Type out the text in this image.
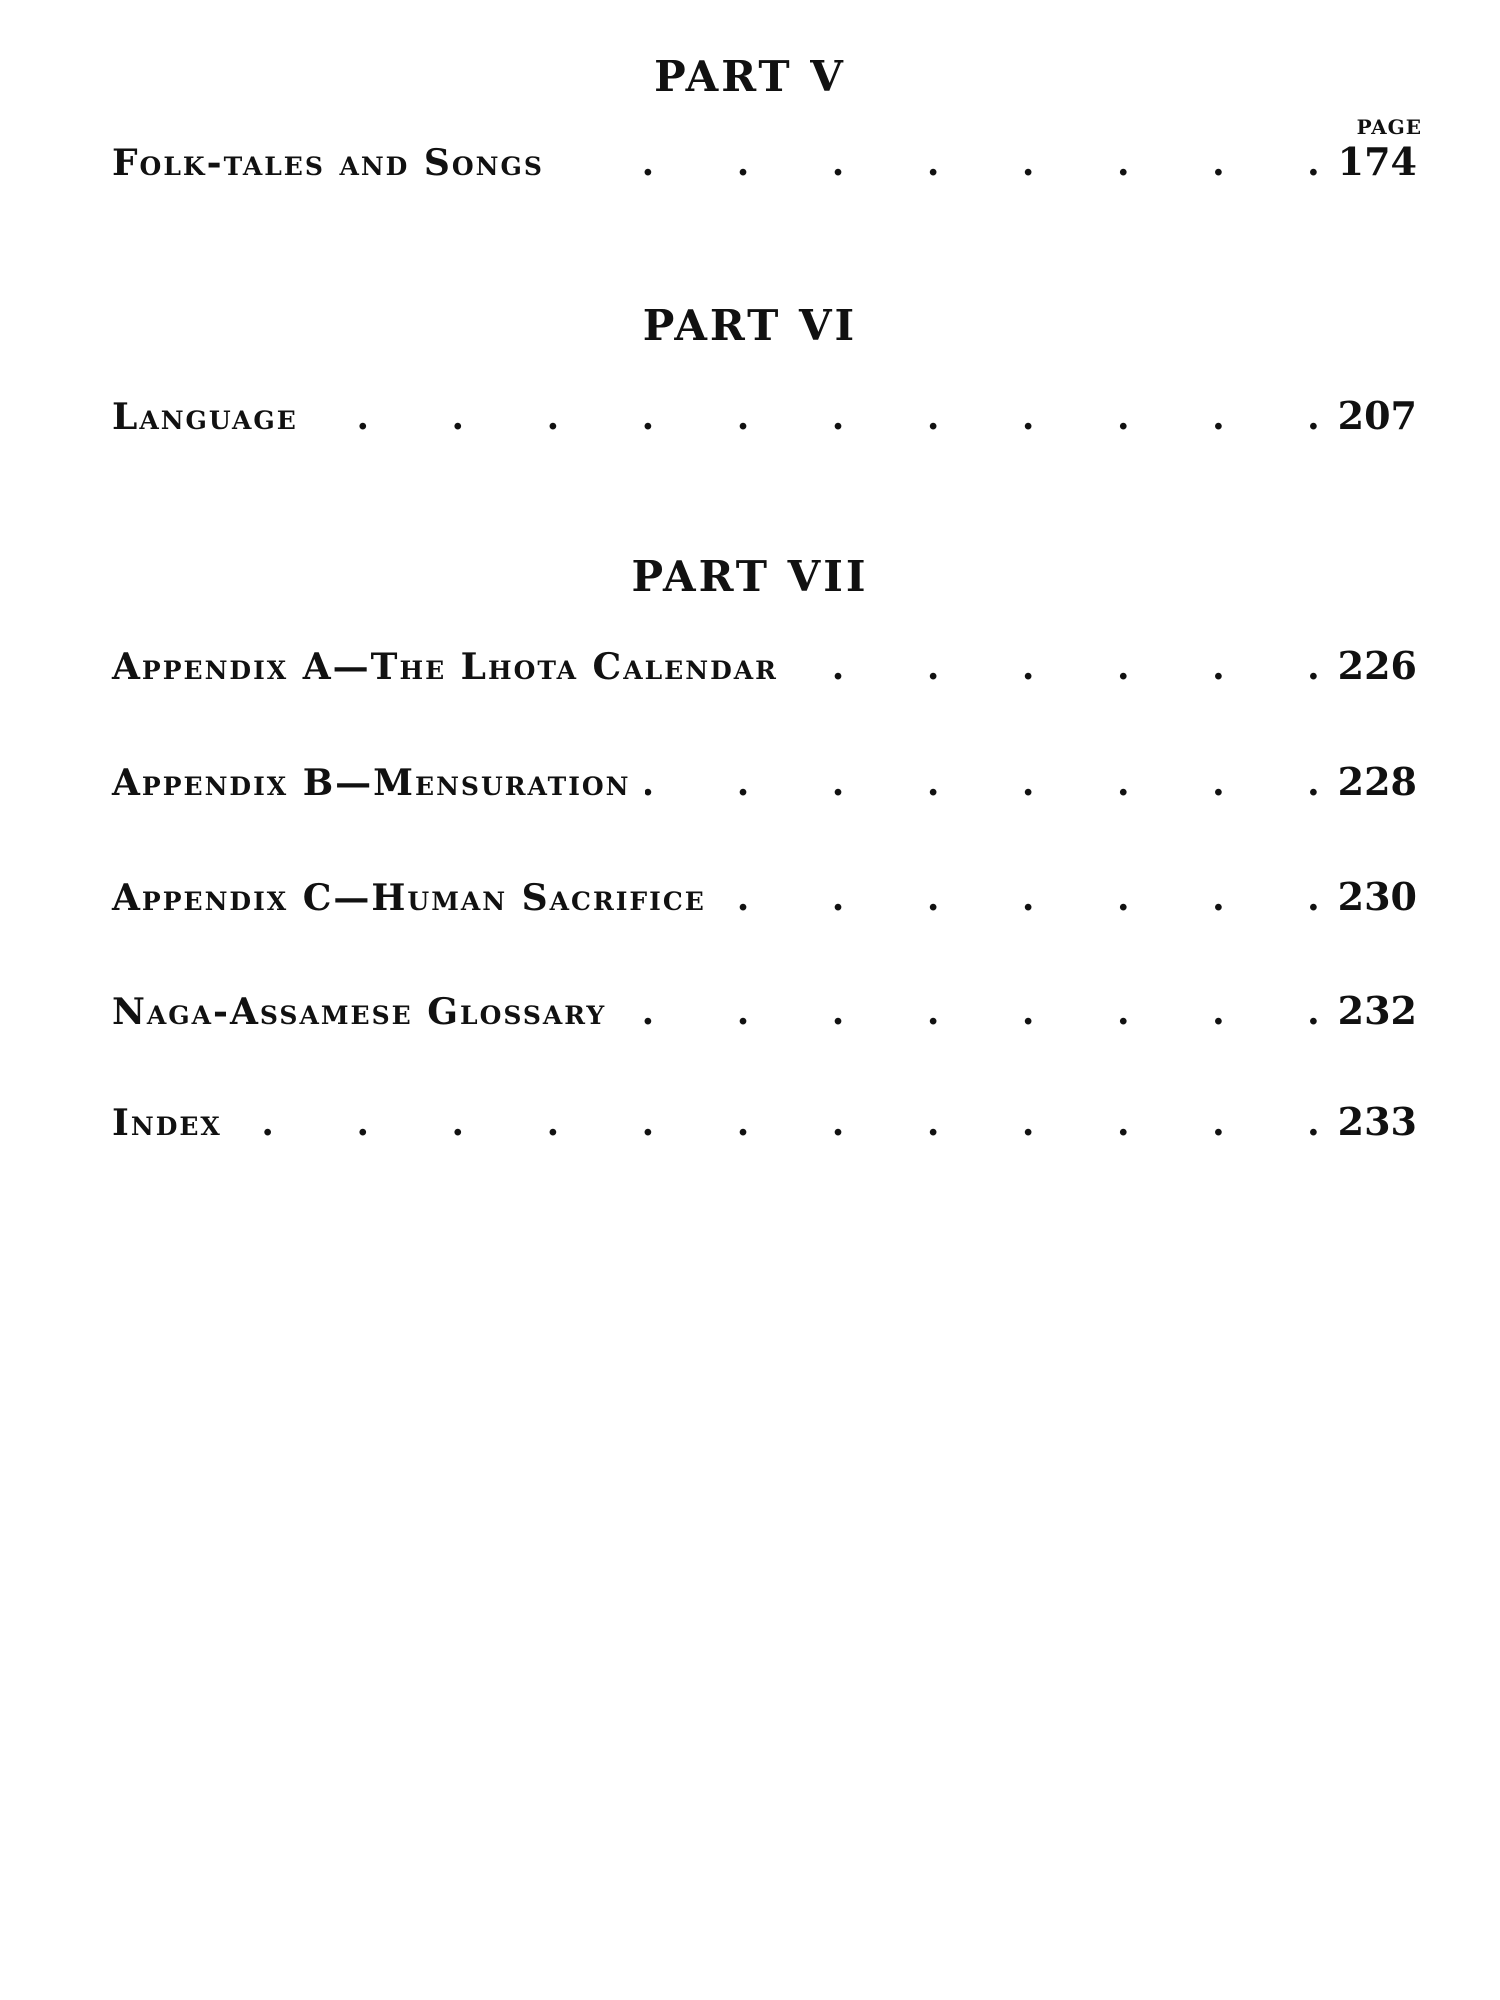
PART V
PAGE
Folk-tales and Songs . . .	174
PART VI
Language . . .	207
PART VII
Appendix A—The Lhota Calendar . . .	226
Appendix B—Mensuration . . .	228
Appendix C—Human Sacrifice . . .	230
Naga-Assamese Glossary . . .	232
Index . . .	233
